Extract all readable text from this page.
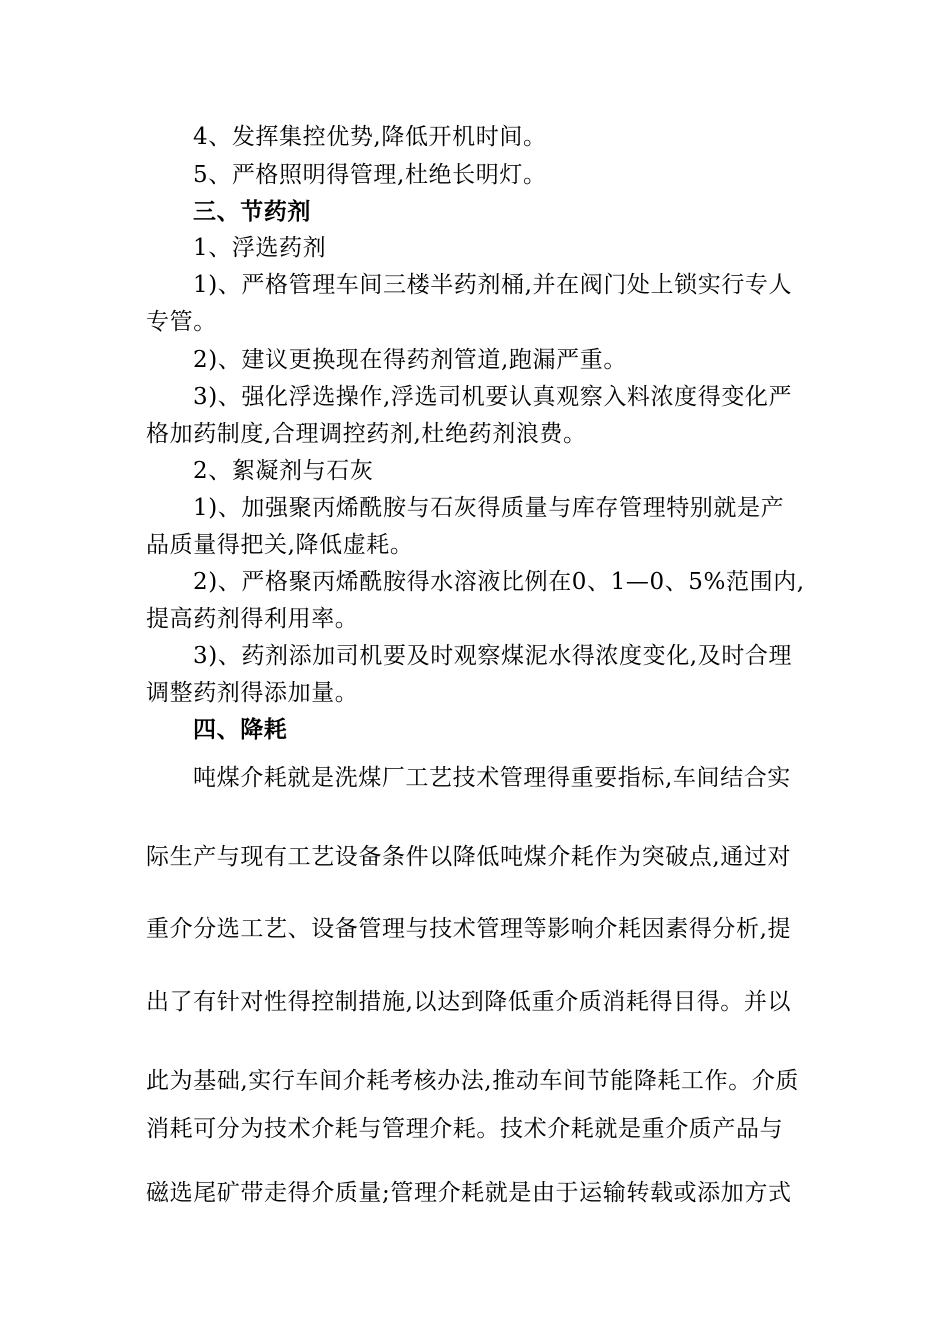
4、发挥集控优势,降低开机时间。
5、严格照明得管理,杜绝长明灯。
三、节药剂
1、浮选药剂
1)、严格管理车间三楼半药剂桶,并在阀门处上锁实行专人
专管。
2)、建议更换现在得药剂管道,跑漏严重。
3)、强化浮选操作,浮选司机要认真观察入料浓度得变化严
格加药制度,合理调控药剂,杜绝药剂浪费。
2、絮凝剂与石灰
1)、加强聚丙烯酰胺与石灰得质量与库存管理特别就是产
品质量得把关,降低虚耗。
2)、严格聚丙烯酰胺得水溶液比例在0、1—0、5%范围内,
提高药剂得利用率。
3)、药剂添加司机要及时观察煤泥水得浓度变化,及时合理
调整药剂得添加量。
四、降耗
吨煤介耗就是洗煤厂工艺技术管理得重要指标,车间结合实
际生产与现有工艺设备条件以降低吨煤介耗作为突破点,通过对
重介分选工艺、设备管理与技术管理等影响介耗因素得分析,提
出了有针对性得控制措施,以达到降低重介质消耗得目得。并以
此为基础,实行车间介耗考核办法,推动车间节能降耗工作。介质
消耗可分为技术介耗与管理介耗。技术介耗就是重介质产品与
磁选尾矿带走得介质量;管理介耗就是由于运输转载或添加方式
